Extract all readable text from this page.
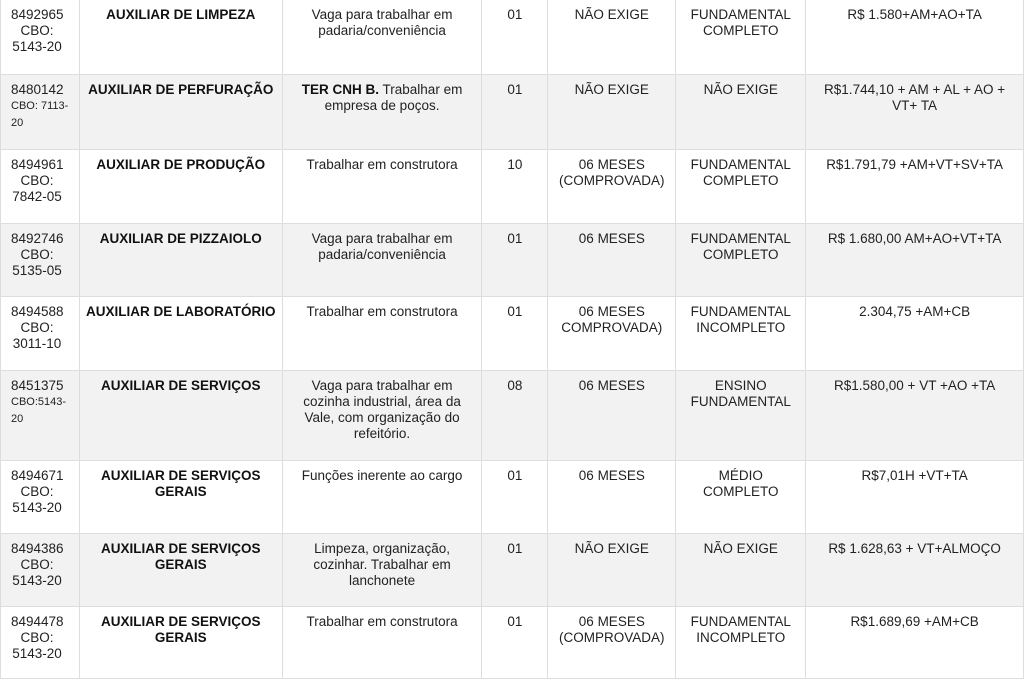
8492965
CBO: 5143-20	AUXILIAR DE LIMPEZA	Vaga para trabalhar em padaria/conveniência	01	NÃO EXIGE	FUNDAMENTAL COMPLETO	R$ 1.580+AM+AO+TA

8480142
CBO: 7113-20	AUXILIAR DE PERFURAÇÃO	TER CNH B. Trabalhar em empresa de poços.	01	NÃO EXIGE	NÃO EXIGE	R$1.744,10 + AM + AL + AO + VT+ TA

8494961
CBO: 7842-05	AUXILIAR DE PRODUÇÃO	Trabalhar em construtora	10	06 MESES (COMPROVADA)	FUNDAMENTAL COMPLETO	R$1.791,79 +AM+VT+SV+TA

8492746
CBO: 5135-05	AUXILIAR DE PIZZAIOLO	Vaga para trabalhar em padaria/conveniência	01	06 MESES	FUNDAMENTAL COMPLETO	R$ 1.680,00 AM+AO+VT+TA

8494588
CBO: 3011-10	AUXILIAR DE LABORATÓRIO	Trabalhar em construtora	01	06 MESES COMPROVADA)	FUNDAMENTAL INCOMPLETO	2.304,75 +AM+CB

8451375
CBO:5143-20	AUXILIAR DE SERVIÇOS	Vaga para trabalhar em cozinha industrial, área da Vale, com organização do refeitório.	08	06 MESES	ENSINO FUNDAMENTAL	R$1.580,00 + VT +AO +TA

8494671
CBO: 5143-20	AUXILIAR DE SERVIÇOS GERAIS	Funções inerente ao cargo	01	06 MESES	MÉDIO COMPLETO	R$7,01H +VT+TA

8494386
CBO: 5143-20	AUXILIAR DE SERVIÇOS GERAIS	Limpeza, organização, cozinhar. Trabalhar em lanchonete	01	NÃO EXIGE	NÃO EXIGE	R$ 1.628,63 + VT+ALMOÇO

8494478
CBO: 5143-20	AUXILIAR DE SERVIÇOS GERAIS	Trabalhar em construtora	01	06 MESES (COMPROVADA)	FUNDAMENTAL INCOMPLETO	R$1.689,69 +AM+CB
